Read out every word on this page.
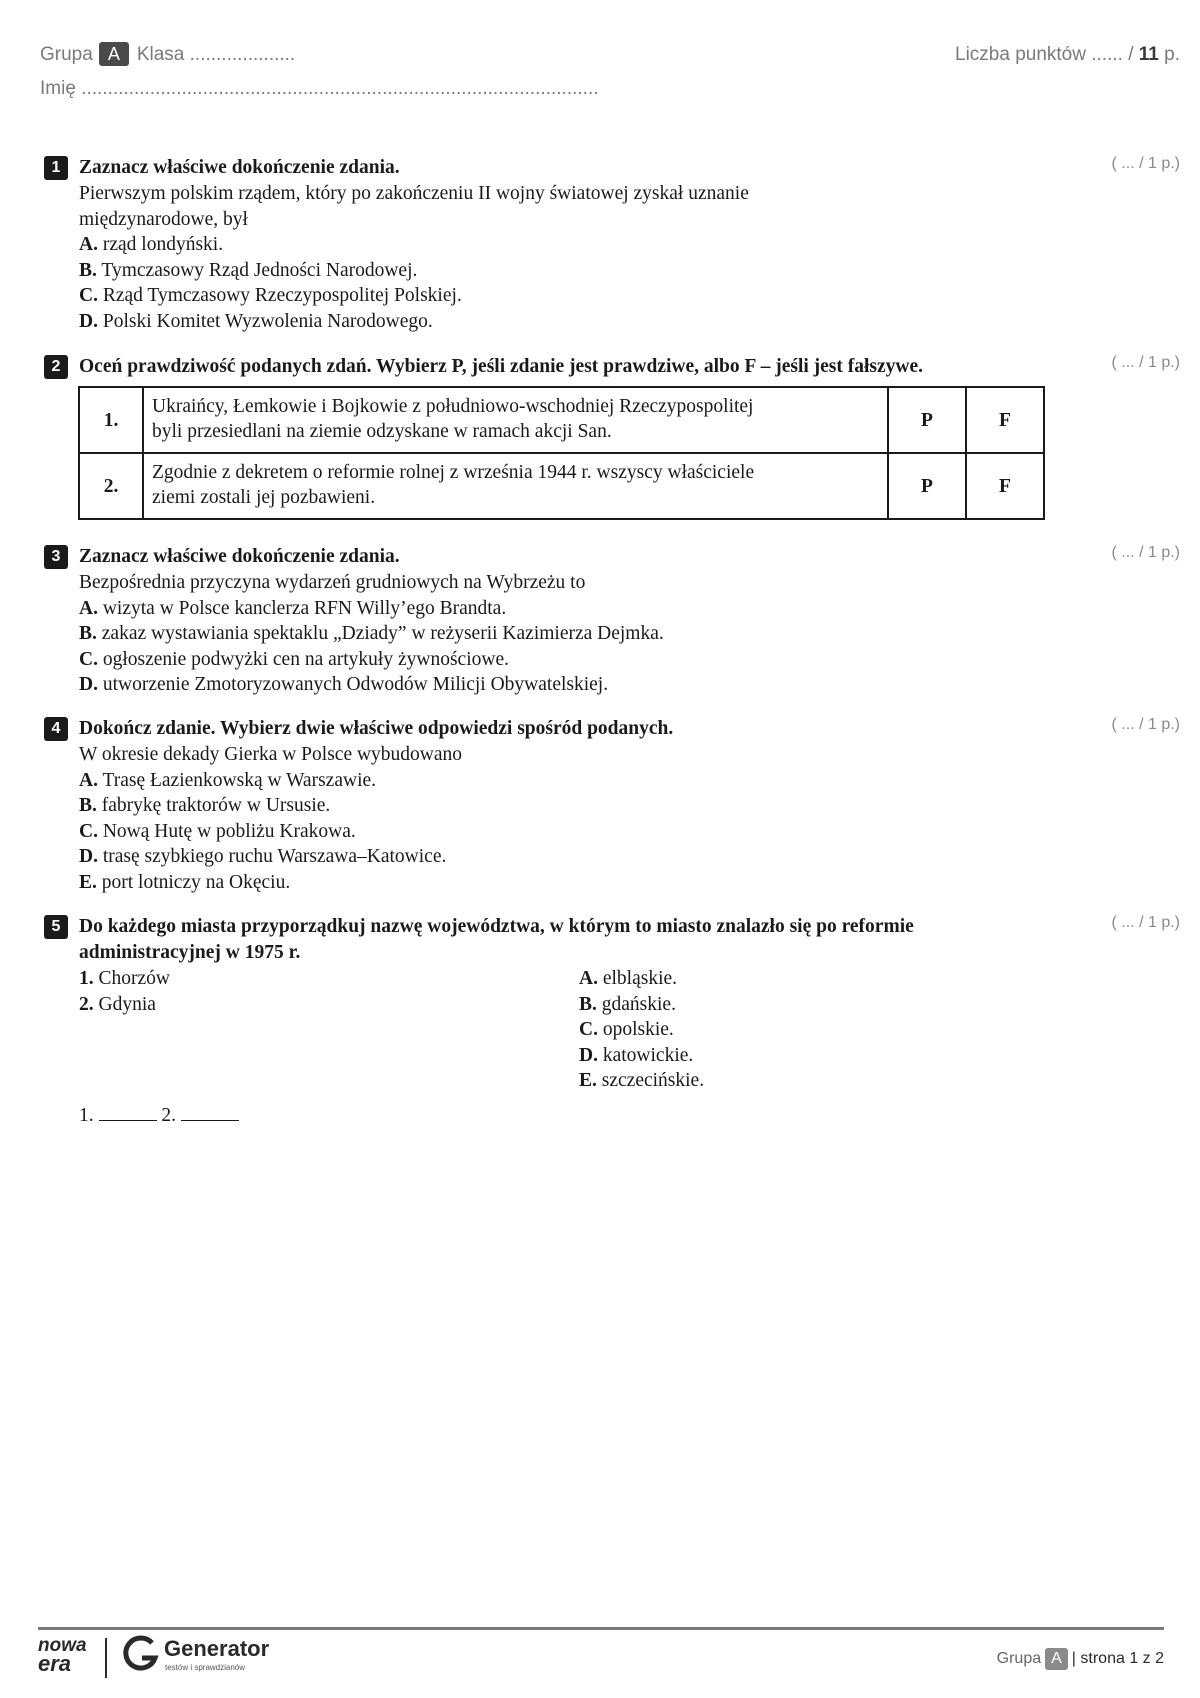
Grupa A Klasa ....................
Imię ..................................................................................................
Liczba punktów ...... / 11 p.
1 Zaznacz właściwe dokończenie zdania.	( ... / 1 p.)
Pierwszym polskim rządem, który po zakończeniu II wojny światowej zyskał uznanie
międzynarodowe, był
A. rząd londyński.
B. Tymczasowy Rząd Jedności Narodowej.
C. Rząd Tymczasowy Rzeczypospolitej Polskiej.
D. Polski Komitet Wyzwolenia Narodowego.
2 Oceń prawdziwość podanych zdań. Wybierz P, jeśli zdanie jest prawdziwe, albo F – jeśli jest fałszywe.	( ... / 1 p.)
1.	Ukraińcy, Łemkowie i Bojkowie z południowo-wschodniej Rzeczypospolitej
byli przesiedlani na ziemie odzyskane w ramach akcji San.	P	F
2.	Zgodnie z dekretem o reformie rolnej z września 1944 r. wszyscy właściciele
ziemi zostali jej pozbawieni.	P	F
3 Zaznacz właściwe dokończenie zdania.	( ... / 1 p.)
Bezpośrednia przyczyna wydarzeń grudniowych na Wybrzeżu to
A. wizyta w Polsce kanclerza RFN Willy’ego Brandta.
B. zakaz wystawiania spektaklu „Dziady” w reżyserii Kazimierza Dejmka.
C. ogłoszenie podwyżki cen na artykuły żywnościowe.
D. utworzenie Zmotoryzowanych Odwodów Milicji Obywatelskiej.
4 Dokończ zdanie. Wybierz dwie właściwe odpowiedzi spośród podanych.	( ... / 1 p.)
W okresie dekady Gierka w Polsce wybudowano
A. Trasę Łazienkowską w Warszawie.
B. fabrykę traktorów w Ursusie.
C. Nową Hutę w pobliżu Krakowa.
D. trasę szybkiego ruchu Warszawa–Katowice.
E. port lotniczy na Okęciu.
5 Do każdego miasta przyporządkuj nazwę województwa, w którym to miasto znalazło się po reformie
administracyjnej w 1975 r.
( ... / 1 p.)
1. Chorzów
2. Gdynia
A. elbląskie.
B. gdańskie.
C. opolskie.
D. katowickie.
E. szczecińskie.
1.	2.
nowa
era
Generator
testów i sprawdzianów
Grupa A | strona 1 z 2
